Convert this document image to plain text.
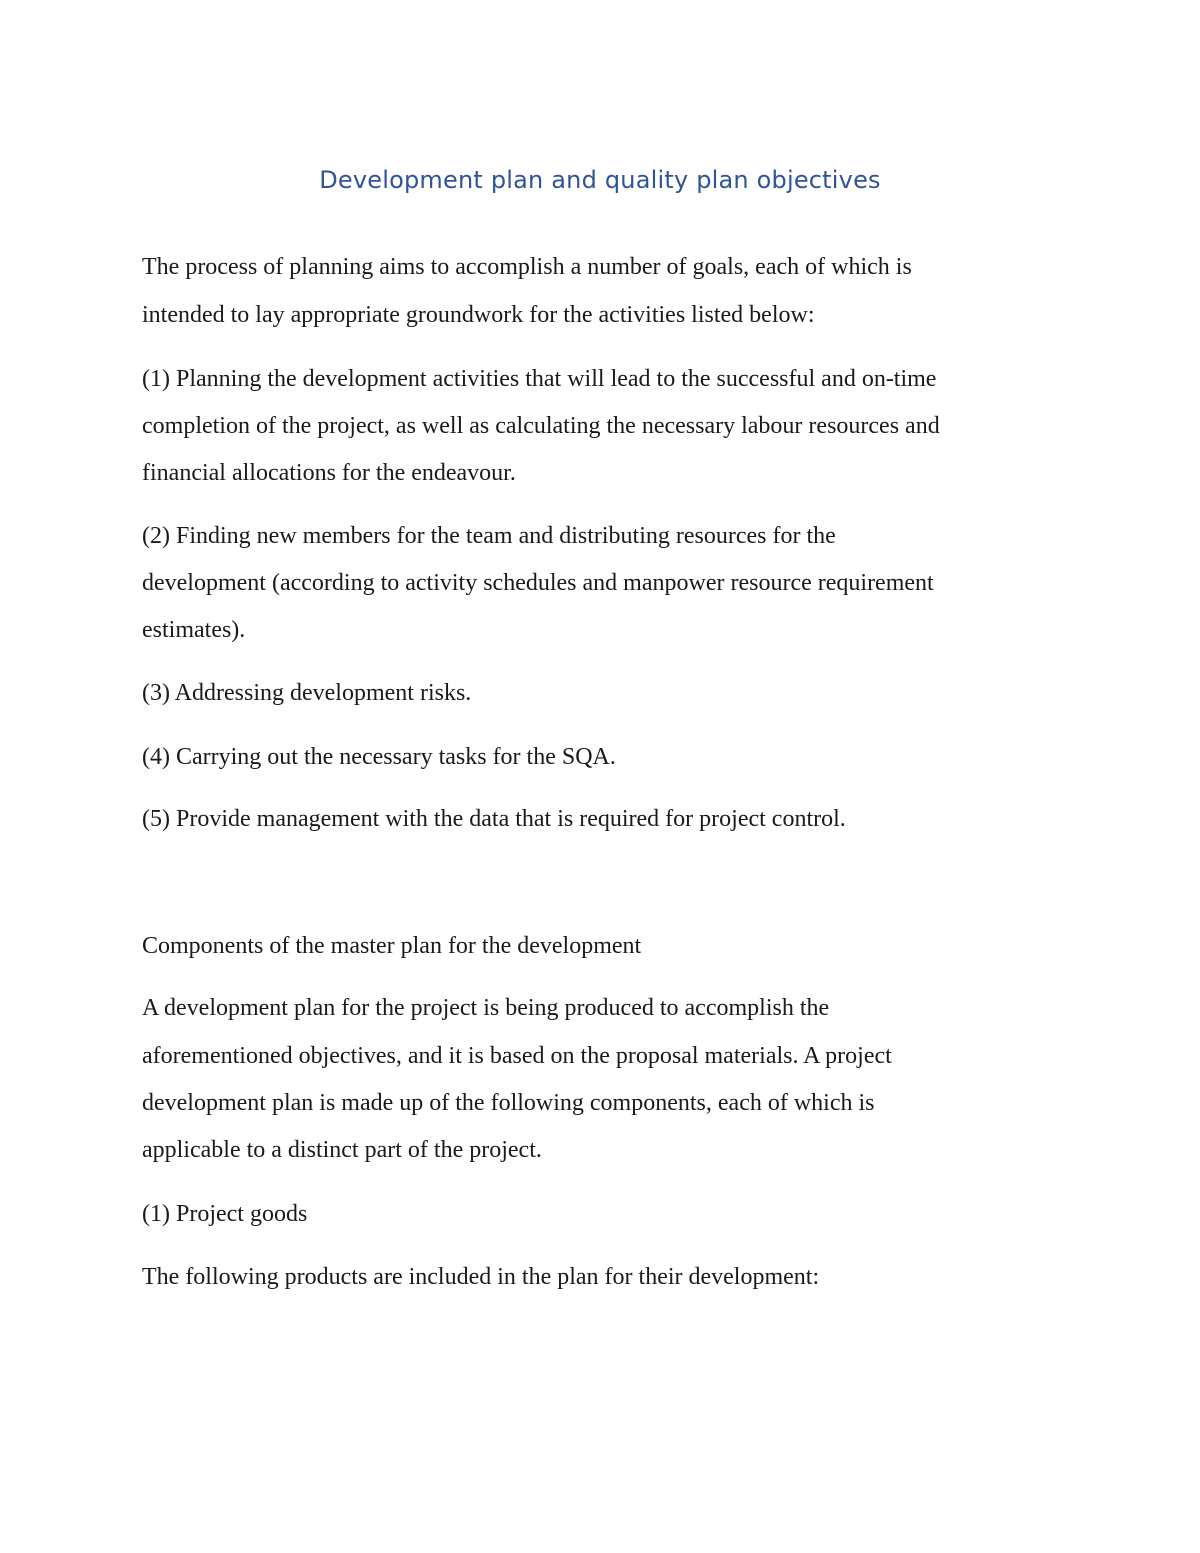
Development plan and quality plan objectives

The process of planning aims to accomplish a number of goals, each of which is

intended to lay appropriate groundwork for the activities listed below:

(1) Planning the development activities that will lead to the successful and on-time

completion of the project, as well as calculating the necessary labour resources and

financial allocations for the endeavour.

(2) Finding new members for the team and distributing resources for the

development (according to activity schedules and manpower resource requirement

estimates).

(3) Addressing development risks.

(4) Carrying out the necessary tasks for the SQA.

(5) Provide management with the data that is required for project control.

Components of the master plan for the development

A development plan for the project is being produced to accomplish the

aforementioned objectives, and it is based on the proposal materials. A project

development plan is made up of the following components, each of which is

applicable to a distinct part of the project.

(1) Project goods

The following products are included in the plan for their development:
